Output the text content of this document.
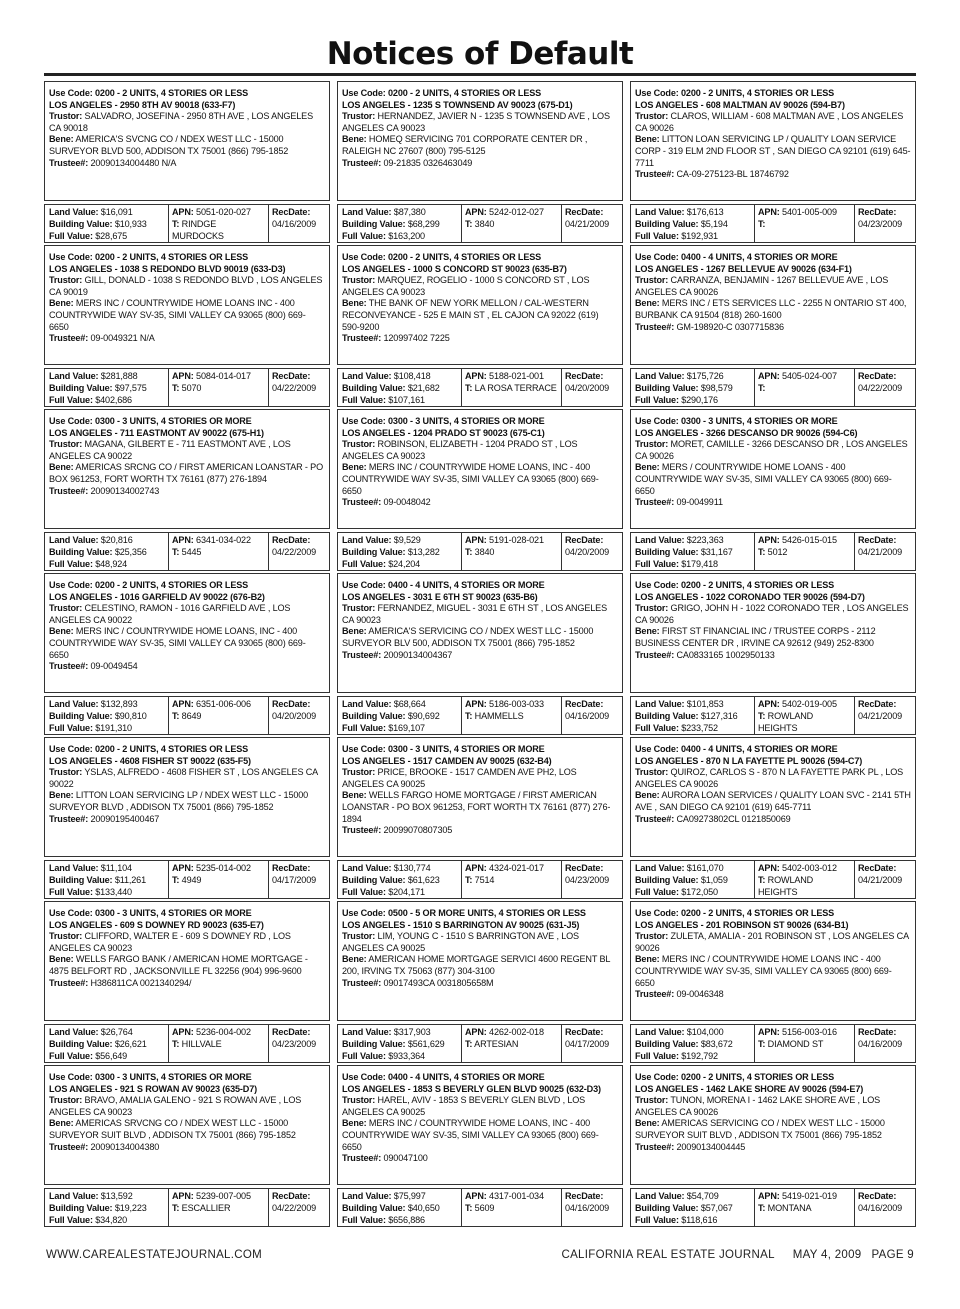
Notices of Default
Use Code: 0200 - 2 UNITS, 4 STORIES OR LESS
LOS ANGELES - 2950 8TH AV 90018 (633-F7)
Trustor: SALVADRO, JOSEFINA - 2950 8TH AVE , LOS ANGELES CA 90018
Bene: AMERICA'S SVCNG CO / NDEX WEST LLC - 15000 SURVEYOR BLVD 500, ADDISON TX 75001 (866) 795-1852
Trustee#: 20090134004480 N/A
Land Value: $16,091
Building Value: $10,933
Full Value: $28,675
APN: 5051-020-027
T: RINDGE MURDOCKS
RecDate:
04/16/2009
Use Code: 0200 - 2 UNITS, 4 STORIES OR LESS
LOS ANGELES - 1235 S TOWNSEND AV 90023 (675-D1)
Trustor: HERNANDEZ, JAVIER N - 1235 S TOWNSEND AVE , LOS ANGELES CA 90023
Bene: HOMEQ SERVICING 701 CORPORATE CENTER DR , RALEIGH NC 27607 (800) 795-5125
Trustee#: 09-21835 0326463049
Land Value: $87,380
Building Value: $68,299
Full Value: $163,200
APN: 5242-012-027
T: 3840
RecDate:
04/21/2009
Use Code: 0200 - 2 UNITS, 4 STORIES OR LESS
LOS ANGELES - 608 MALTMAN AV 90026 (594-B7)
Trustor: CLAROS, WILLIAM - 608 MALTMAN AVE , LOS ANGELES CA 90026
Bene: LITTON LOAN SERVICING LP / QUALITY LOAN SERVICE CORP - 319 ELM 2ND FLOOR ST , SAN DIEGO CA 92101 (619) 645-7711
Trustee#: CA-09-275123-BL 18746792
Land Value: $176,613
Building Value: $5,194
Full Value: $192,931
APN: 5401-005-009
T:
RecDate:
04/23/2009
Use Code: 0200 - 2 UNITS, 4 STORIES OR LESS
LOS ANGELES - 1038 S REDONDO BLVD 90019 (633-D3)
Trustor: GILL, DONALD - 1038 S REDONDO BLVD , LOS ANGELES CA 90019
Bene: MERS INC / COUNTRYWIDE HOME LOANS INC - 400 COUNTRYWIDE WAY SV-35, SIMI VALLEY CA 93065 (800) 669-6650
Trustee#: 09-0049321 N/A
Land Value: $281,888
Building Value: $97,575
Full Value: $402,686
APN: 5084-014-017
T: 5070
RecDate:
04/22/2009
Use Code: 0200 - 2 UNITS, 4 STORIES OR LESS
LOS ANGELES - 1000 S CONCORD ST 90023 (635-B7)
Trustor: MARQUEZ, ROGELIO - 1000 S CONCORD ST , LOS ANGELES CA 90023
Bene: THE BANK OF NEW YORK MELLON / CAL-WESTERN RECONVEYANCE - 525 E MAIN ST , EL CAJON CA 92022 (619) 590-9200
Trustee#: 120997402 7225
Land Value: $108,418
Building Value: $21,682
Full Value: $107,161
APN: 5188-021-001
T: LA ROSA TERRACE
RecDate:
04/20/2009
Use Code: 0400 - 4 UNITS, 4 STORIES OR MORE
LOS ANGELES - 1267 BELLEVUE AV 90026 (634-F1)
Trustor: CARRANZA, BENJAMIN - 1267 BELLEVUE AVE , LOS ANGELES CA 90026
Bene: MERS INC / ETS SERVICES LLC - 2255 N ONTARIO ST 400, BURBANK CA 91504 (818) 260-1600
Trustee#: GM-198920-C 0307715836
Land Value: $175,726
Building Value: $98,579
Full Value: $290,176
APN: 5405-024-007
T:
RecDate:
04/22/2009
Use Code: 0300 - 3 UNITS, 4 STORIES OR MORE
LOS ANGELES - 711 EASTMONT AV 90022 (675-H1)
Trustor: MAGANA, GILBERT E - 711 EASTMONT AVE , LOS ANGELES CA 90022
Bene: AMERICAS SRCNG CO / FIRST AMERICAN LOANSTAR - PO BOX 961253, FORT WORTH TX 76161 (877) 276-1894
Trustee#: 20090134002743
Land Value: $20,816
Building Value: $25,356
Full Value: $48,924
APN: 6341-034-022
T: 5445
RecDate:
04/22/2009
Use Code: 0300 - 3 UNITS, 4 STORIES OR MORE
LOS ANGELES - 1204 PRADO ST 90023 (675-C1)
Trustor: ROBINSON, ELIZABETH - 1204 PRADO ST , LOS ANGELES CA 90023
Bene: MERS INC / COUNTRYWIDE HOME LOANS, INC - 400 COUNTRYWIDE WAY SV-35, SIMI VALLEY CA 93065 (800) 669-6650
Trustee#: 09-0048042
Land Value: $9,529
Building Value: $13,282
Full Value: $24,204
APN: 5191-028-021
T: 3840
RecDate:
04/20/2009
Use Code: 0300 - 3 UNITS, 4 STORIES OR MORE
LOS ANGELES - 3266 DESCANSO DR 90026 (594-C6)
Trustor: MORET, CAMILLE - 3266 DESCANSO DR , LOS ANGELES CA 90026
Bene: MERS / COUNTRYWIDE HOME LOANS - 400 COUNTRYWIDE WAY SV-35, SIMI VALLEY CA 93065 (800) 669-6650
Trustee#: 09-0049911
Land Value: $223,363
Building Value: $31,167
Full Value: $179,418
APN: 5426-015-015
T: 5012
RecDate:
04/21/2009
Use Code: 0200 - 2 UNITS, 4 STORIES OR LESS
LOS ANGELES - 1016 GARFIELD AV 90022 (676-B2)
Trustor: CELESTINO, RAMON - 1016 GARFIELD AVE , LOS ANGELES CA 90022
Bene: MERS INC / COUNTRYWIDE HOME LOANS, INC - 400 COUNTRYWIDE WAY SV-35, SIMI VALLEY CA 93065 (800) 669-6650
Trustee#: 09-0049454
Land Value: $132,893
Building Value: $90,810
Full Value: $191,310
APN: 6351-006-006
T: 8649
RecDate:
04/20/2009
Use Code: 0400 - 4 UNITS, 4 STORIES OR MORE
LOS ANGELES - 3031 E 6TH ST 90023 (635-B6)
Trustor: FERNANDEZ, MIGUEL - 3031 E 6TH ST , LOS ANGELES CA 90023
Bene: AMERICA'S SERVICING CO / NDEX WEST LLC - 15000 SURVEYOR BLV 500, ADDISON TX 75001 (866) 795-1852
Trustee#: 20090134004367
Land Value: $68,664
Building Value: $90,692
Full Value: $169,107
APN: 5186-003-033
T: HAMMELLS
RecDate:
04/16/2009
Use Code: 0200 - 2 UNITS, 4 STORIES OR LESS
LOS ANGELES - 1022 CORONADO TER 90026 (594-D7)
Trustor: GRIGO, JOHN H - 1022 CORONADO TER , LOS ANGELES CA 90026
Bene: FIRST ST FINANCIAL INC / TRUSTEE CORPS - 2112 BUSINESS CENTER DR , IRVINE CA 92612 (949) 252-8300
Trustee#: CA0833165 1002950133
Land Value: $101,853
Building Value: $127,316
Full Value: $233,752
APN: 5402-019-005
T: ROWLAND HEIGHTS
RecDate:
04/21/2009
Use Code: 0200 - 2 UNITS, 4 STORIES OR LESS
LOS ANGELES - 4608 FISHER ST 90022 (635-F5)
Trustor: YSLAS, ALFREDO - 4608 FISHER ST , LOS ANGELES CA 90022
Bene: LITTON LOAN SERVICING LP / NDEX WEST LLC - 15000 SURVEYOR BLVD , ADDISON TX 75001 (866) 795-1852
Trustee#: 20090195400467
Land Value: $11,104
Building Value: $11,261
Full Value: $133,440
APN: 5235-014-002
T: 4949
RecDate:
04/17/2009
Use Code: 0300 - 3 UNITS, 4 STORIES OR MORE
LOS ANGELES - 1517 CAMDEN AV 90025 (632-B4)
Trustor: PRICE, BROOKE - 1517 CAMDEN AVE PH2, LOS ANGELES CA 90025
Bene: WELLS FARGO HOME MORTGAGE / FIRST AMERICAN LOANSTAR - PO BOX 961253, FORT WORTH TX 76161 (877) 276-1894
Trustee#: 20099070807305
Land Value: $130,774
Building Value: $61,623
Full Value: $204,171
APN: 4324-021-017
T: 7514
RecDate:
04/23/2009
Use Code: 0400 - 4 UNITS, 4 STORIES OR MORE
LOS ANGELES - 870 N LA FAYETTE PL 90026 (594-C7)
Trustor: QUIROZ, CARLOS S - 870 N LA FAYETTE PARK PL , LOS ANGELES CA 90026
Bene: AURORA LOAN SERVICES / QUALITY LOAN SVC - 2141 5TH AVE , SAN DIEGO CA 92101 (619) 645-7711
Trustee#: CA09273802CL 0121850069
Land Value: $161,070
Building Value: $1,059
Full Value: $172,050
APN: 5402-003-012
T: ROWLAND HEIGHTS
RecDate:
04/21/2009
Use Code: 0300 - 3 UNITS, 4 STORIES OR MORE
LOS ANGELES - 609 S DOWNEY RD 90023 (635-E7)
Trustor: CLIFFORD, WALTER E - 609 S DOWNEY RD , LOS ANGELES CA 90023
Bene: WELLS FARGO BANK / AMERICAN HOME MORTGAGE - 4875 BELFORT RD , JACKSONVILLE FL 32256 (904) 996-9600
Trustee#: H386811CA 0021340294/
Land Value: $26,764
Building Value: $26,621
Full Value: $56,649
APN: 5236-004-002
T: HILLVALE
RecDate:
04/23/2009
Use Code: 0500 - 5 OR MORE UNITS, 4 STORIES OR LESS
LOS ANGELES - 1510 S BARRINGTON AV 90025 (631-J5)
Trustor: LIM, YOUNG C - 1510 S BARRINGTON AVE , LOS ANGELES CA 90025
Bene: AMERICAN HOME MORTGAGE SERVICI 4600 REGENT BL 200, IRVING TX 75063 (877) 304-3100
Trustee#: 09017493CA 0031805658M
Land Value: $317,903
Building Value: $561,629
Full Value: $933,364
APN: 4262-002-018
T: ARTESIAN
RecDate:
04/17/2009
Use Code: 0200 - 2 UNITS, 4 STORIES OR LESS
LOS ANGELES - 201 ROBINSON ST 90026 (634-B1)
Trustor: ZULETA, AMALIA - 201 ROBINSON ST , LOS ANGELES CA 90026
Bene: MERS INC / COUNTRYWIDE HOME LOANS INC - 400 COUNTRYWIDE WAY SV-35, SIMI VALLEY CA 93065 (800) 669-6650
Trustee#: 09-0046348
Land Value: $104,000
Building Value: $83,672
Full Value: $192,792
APN: 5156-003-016
T: DIAMOND ST
RecDate:
04/16/2009
Use Code: 0300 - 3 UNITS, 4 STORIES OR MORE
LOS ANGELES - 921 S ROWAN AV 90023 (635-D7)
Trustor: BRAVO, AMALIA GALENO - 921 S ROWAN AVE , LOS ANGELES CA 90023
Bene: AMERICAS SRVCNG CO / NDEX WEST LLC - 15000 SURVEYOR SUIT BLVD , ADDISON TX 75001 (866) 795-1852
Trustee#: 20090134004380
Land Value: $13,592
Building Value: $19,223
Full Value: $34,820
APN: 5239-007-005
T: ESCALLIER
RecDate:
04/22/2009
Use Code: 0400 - 4 UNITS, 4 STORIES OR MORE
LOS ANGELES - 1853 S BEVERLY GLEN BLVD 90025 (632-D3)
Trustor: HAREL, AVIV - 1853 S BEVERLY GLEN BLVD , LOS ANGELES CA 90025
Bene: MERS INC / COUNTRYWIDE HOME LOANS, INC - 400 COUNTRYWIDE WAY SV-35, SIMI VALLEY CA 93065 (800) 669-6650
Trustee#: 090047100
Land Value: $75,997
Building Value: $40,650
Full Value: $656,886
APN: 4317-001-034
T: 5609
RecDate:
04/16/2009
Use Code: 0200 - 2 UNITS, 4 STORIES OR LESS
LOS ANGELES - 1462 LAKE SHORE AV 90026 (594-E7)
Trustor: TUNON, MORENA I - 1462 LAKE SHORE AVE , LOS ANGELES CA 90026
Bene: AMERICAS SERVICING CO / NDEX WEST LLC - 15000 SURVEYOR SUIT BLVD , ADDISON TX 75001 (866) 795-1852
Trustee#: 20090134004445
Land Value: $54,709
Building Value: $57,067
Full Value: $118,616
APN: 5419-021-019
T: MONTANA
RecDate:
04/16/2009
WWW.CAREALESTATEJOURNAL.COM	CALIFORNIA REAL ESTATE JOURNAL MAY 4, 2009 PAGE 9
